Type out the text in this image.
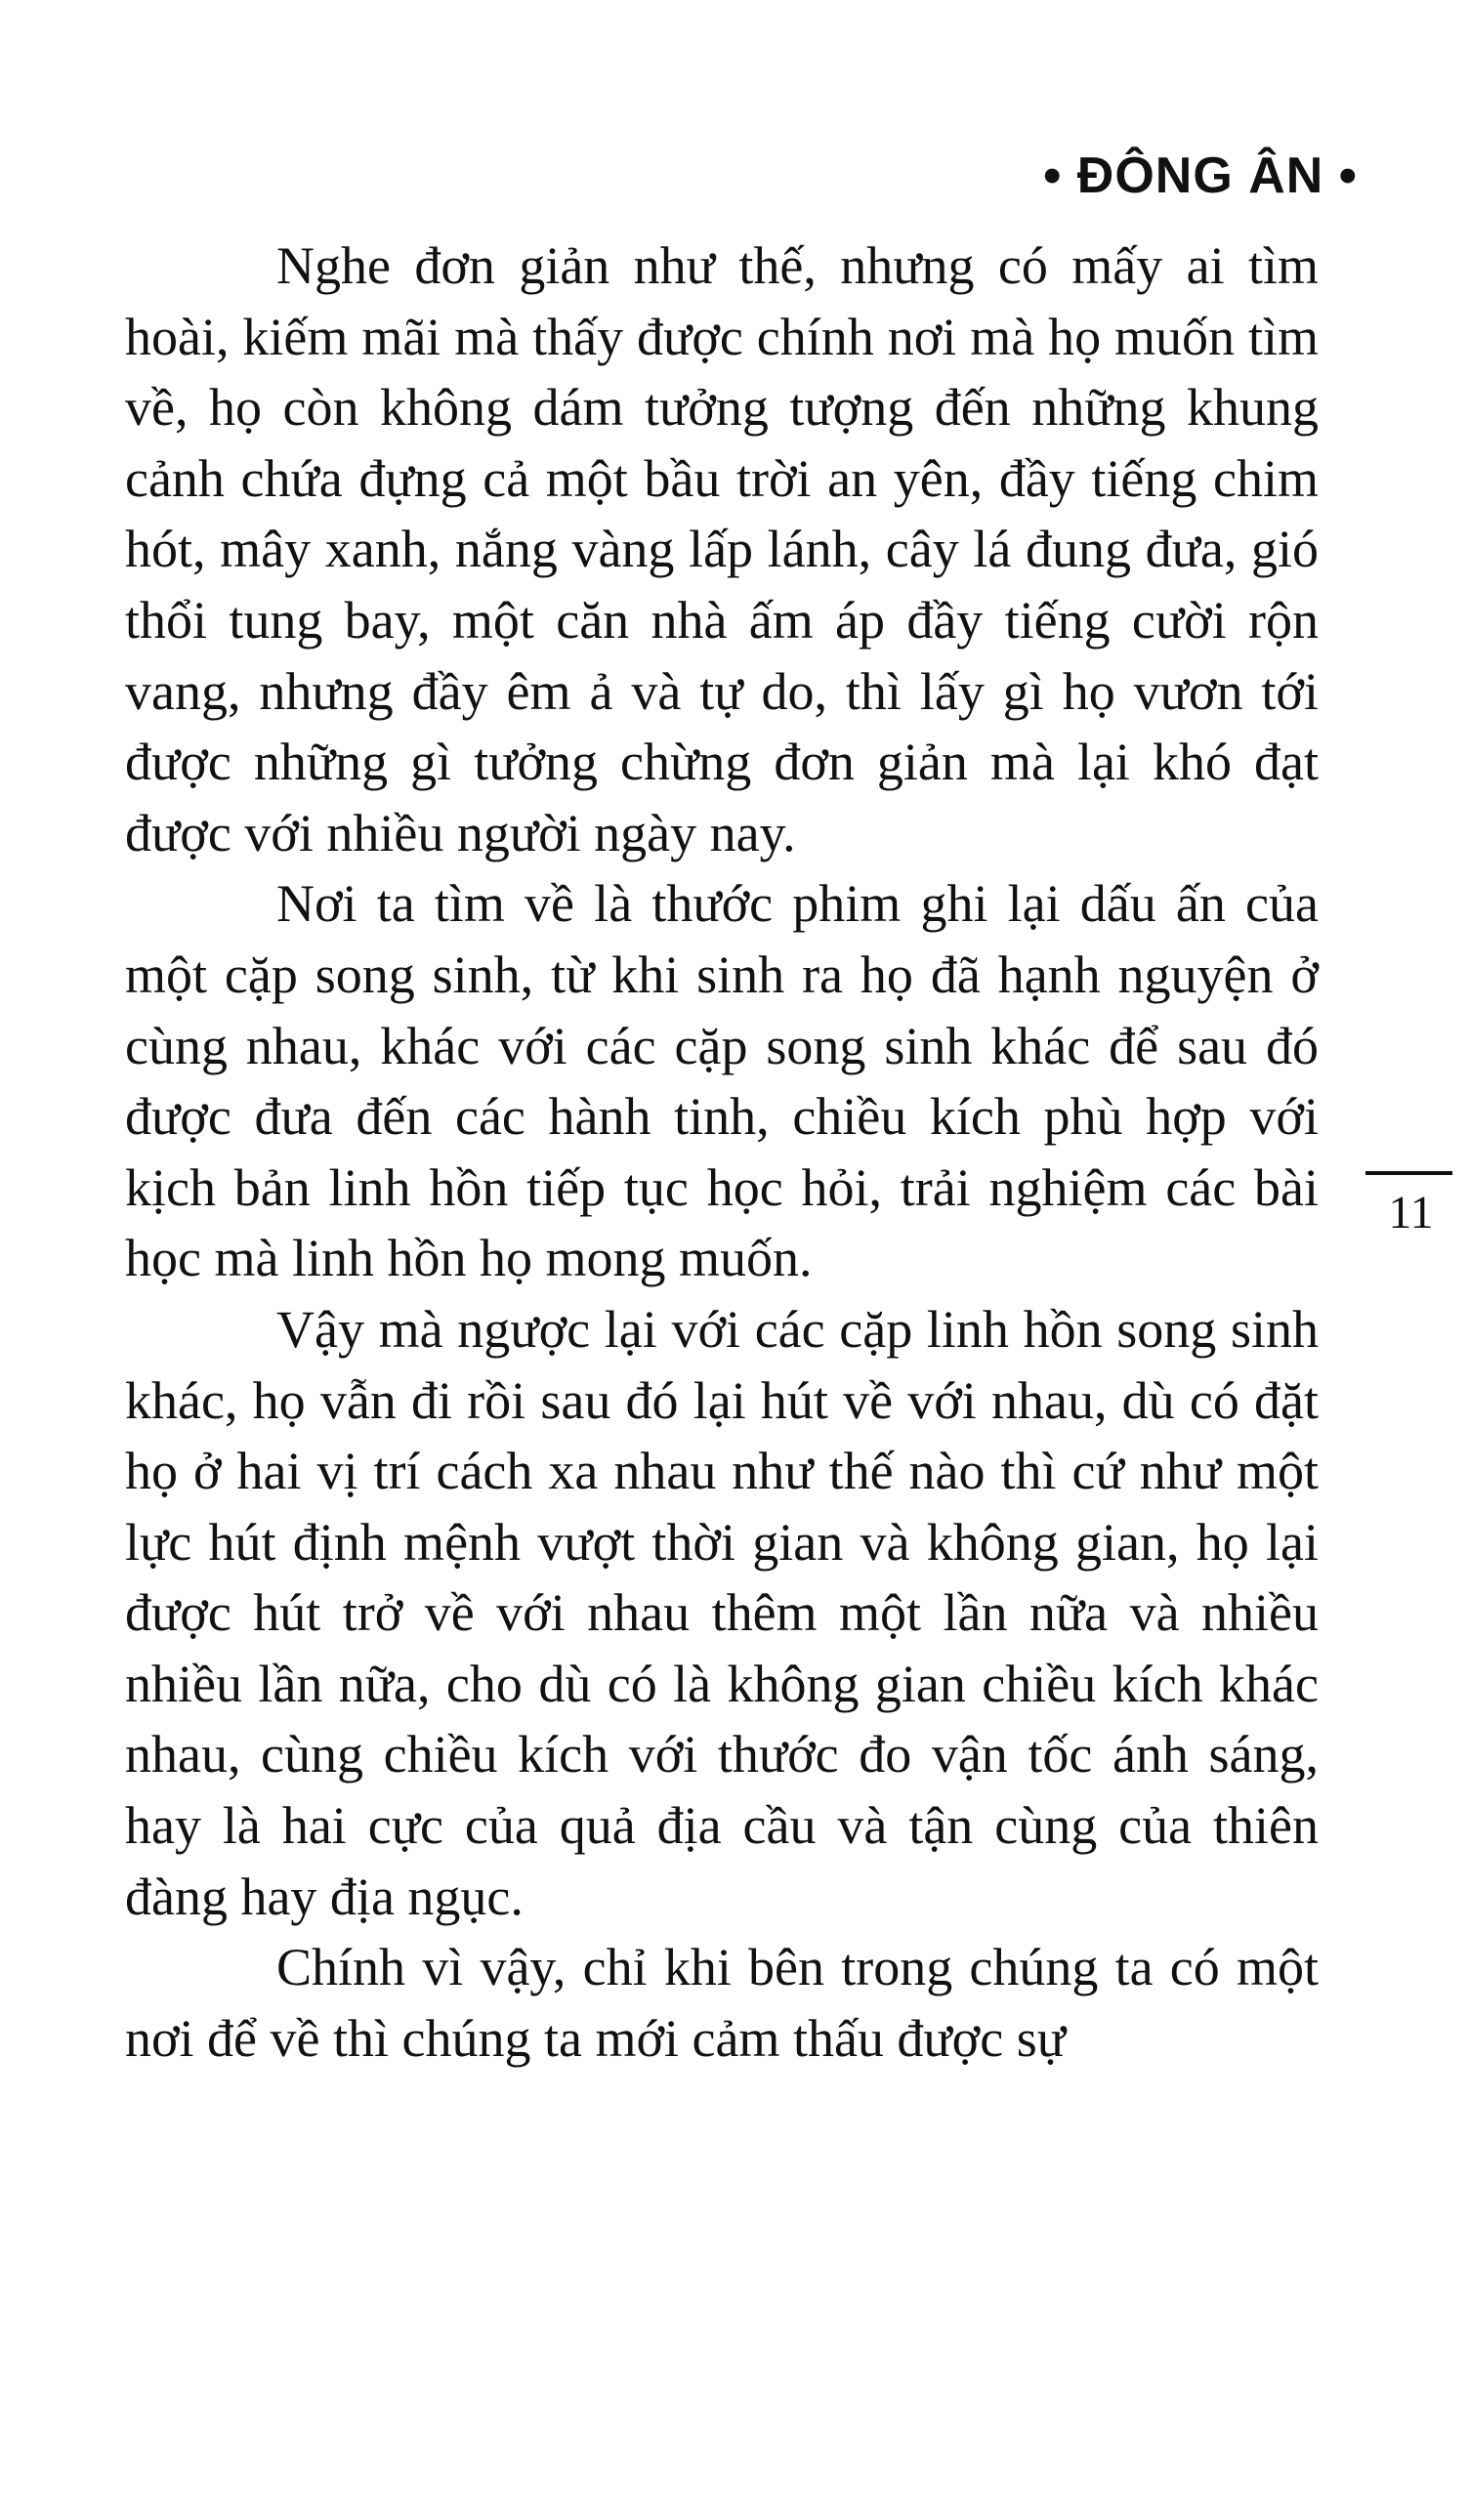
• ĐÔNG ÂN •

Nghe đơn giản như thế, nhưng có mấy ai tìm hoài, kiếm mãi mà thấy được chính nơi mà họ muốn tìm về, họ còn không dám tưởng tượng đến những khung cảnh chứa đựng cả một bầu trời an yên, đầy tiếng chim hót, mây xanh, nắng vàng lấp lánh, cây lá đung đưa, gió thổi tung bay, một căn nhà ấm áp đầy tiếng cười rộn vang, nhưng đầy êm ả và tự do, thì lấy gì họ vươn tới được những gì tưởng chừng đơn giản mà lại khó đạt được với nhiều người ngày nay.

Nơi ta tìm về là thước phim ghi lại dấu ấn của một cặp song sinh, từ khi sinh ra họ đã hạnh nguyện ở cùng nhau, khác với các cặp song sinh khác để sau đó được đưa đến các hành tinh, chiều kích phù hợp với kịch bản linh hồn tiếp tục học hỏi, trải nghiệm các bài học mà linh hồn họ mong muốn.

Vậy mà ngược lại với các cặp linh hồn song sinh khác, họ vẫn đi rồi sau đó lại hút về với nhau, dù có đặt họ ở hai vị trí cách xa nhau như thế nào thì cứ như một lực hút định mệnh vượt thời gian và không gian, họ lại được hút trở về với nhau thêm một lần nữa và nhiều nhiều lần nữa, cho dù có là không gian chiều kích khác nhau, cùng chiều kích với thước đo vận tốc ánh sáng, hay là hai cực của quả địa cầu và tận cùng của thiên đàng hay địa ngục.

Chính vì vậy, chỉ khi bên trong chúng ta có một nơi để về thì chúng ta mới cảm thấu được sự

11
